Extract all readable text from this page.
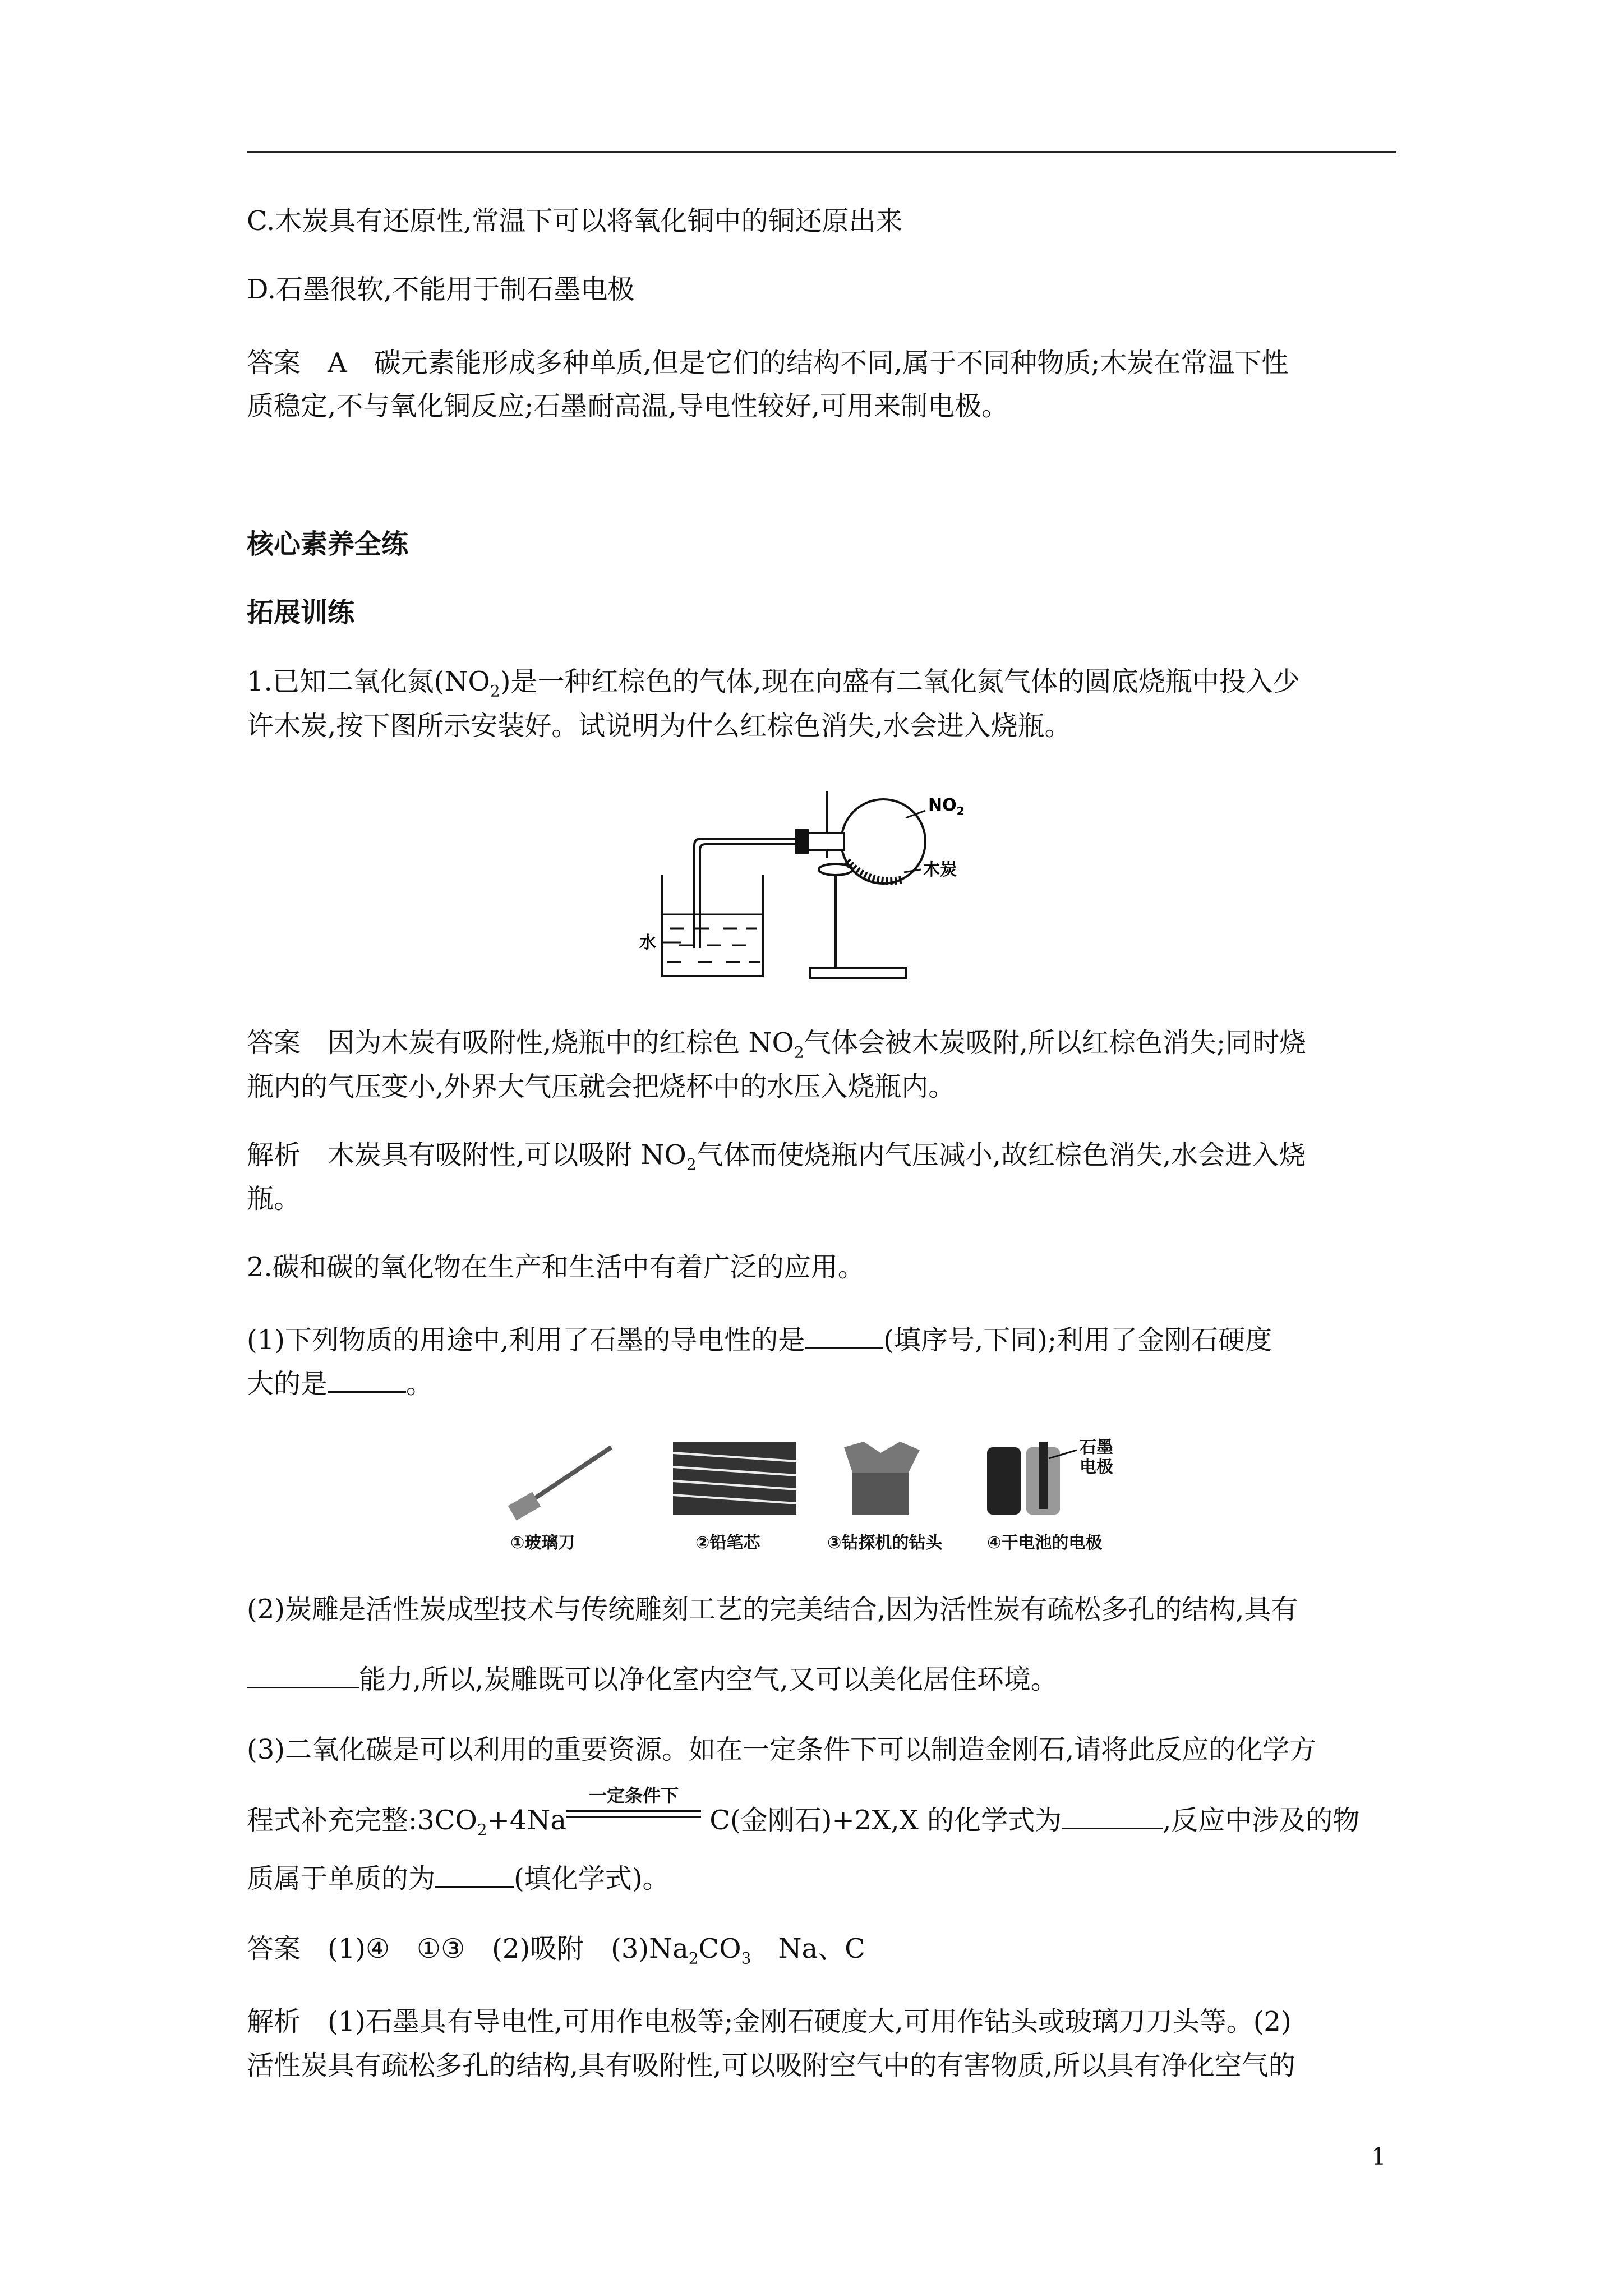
C.木炭具有还原性,常温下可以将氧化铜中的铜还原出来

D.石墨很软,不能用于制石墨电极

答案 A 碳元素能形成多种单质,但是它们的结构不同,属于不同种物质;木炭在常温下性

质稳定,不与氧化铜反应;石墨耐高温,导电性较好,可用来制电极。

核心素养全练

拓展训练

1.已知二氧化氮$(NO_2)$是一种红棕色的气体,现在向盛有二氧化氮气体的圆底烧瓶中投入少

许木炭,按下图所示安装好。试说明为什么红棕色消失,水会进入烧瓶。

$NO_2$
木炭
水

答案 因为木炭有吸附性,烧瓶中的红棕色 $NO_2$气体会被木炭吸附,所以红棕色消失;同时烧

瓶内的气压变小,外界大气压就会把烧杯中的水压入烧瓶内。

解析 木炭具有吸附性,可以吸附 $NO_2$气体而使烧瓶内气压减小,故红棕色消失,水会进入烧

瓶。

2.碳和碳的氧化物在生产和生活中有着广泛的应用。

(1)下列物质的用途中,利用了石墨的导电性的是	(填序号,下同);利用了金刚石硬度

大的是	。

石墨
电极
①玻璃刀	②铅笔芯	③钻探机的钻头	④干电池的电极

(2)炭雕是活性炭成型技术与传统雕刻工艺的完美结合,因为活性炭有疏松多孔的结构,具有

能力,所以,炭雕既可以净化室内空气,又可以美化居住环境。

(3)二氧化碳是可以利用的重要资源。如在一定条件下可以制造金刚石,请将此反应的化学方

程式补充完整$:3CO_2+4Na$
一定条件下
C(金刚石)+2X,X 的化学式为	,反应中涉及的物

质属于单质的为	(填化学式)。

答案 (1)④ ①③ (2)吸附 $(3)Na_2CO_3$ Na、C

解析 (1)石墨具有导电性,可用作电极等;金刚石硬度大,可用作钻头或玻璃刀刀头等。(2)

活性炭具有疏松多孔的结构,具有吸附性,可以吸附空气中的有害物质,所以具有净化空气的

1
